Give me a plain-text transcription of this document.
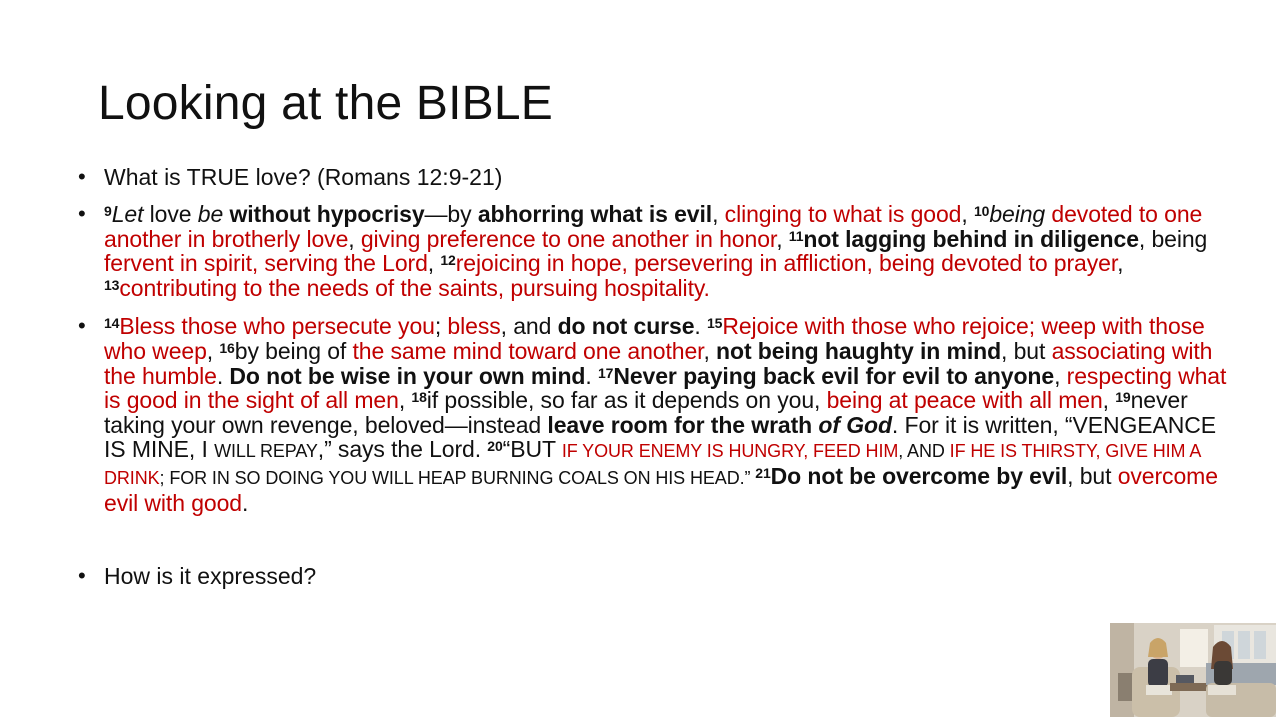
Looking at the BIBLE
• What is TRUE love? (Romans 12:9-21)
• $^9$Let love be without hypocrisy—by abhorring what is evil, clinging to what is good, $^{10}$being devoted to one another in brotherly love, giving preference to one another in honor, $^{11}$not lagging behind in diligence, being fervent in spirit, serving the Lord, $^{12}$rejoicing in hope, persevering in affliction, being devoted to prayer, $^{13}$contributing to the needs of the saints, pursuing hospitality.
• $^{14}$Bless those who persecute you; bless, and do not curse. $^{15}$Rejoice with those who rejoice; weep with those who weep, $^{16}$by being of the same mind toward one another, not being haughty in mind, but associating with the humble. Do not be wise in your own mind. $^{17}$Never paying back evil for evil to anyone, respecting what is good in the sight of all men, $^{18}$if possible, so far as it depends on you, being at peace with all men, $^{19}$never taking your own revenge, beloved—instead leave room for the wrath of God. For it is written, “VENGEANCE IS MINE, I WILL REPAY,” says the Lord. $^{20}$“BUT IF YOUR ENEMY IS HUNGRY, FEED HIM, AND IF HE IS THIRSTY, GIVE HIM A DRINK; FOR IN SO DOING YOU WILL HEAP BURNING COALS ON HIS HEAD.” $^{21}$Do not be overcome by evil, but overcome evil with good.
• How is it expressed?
